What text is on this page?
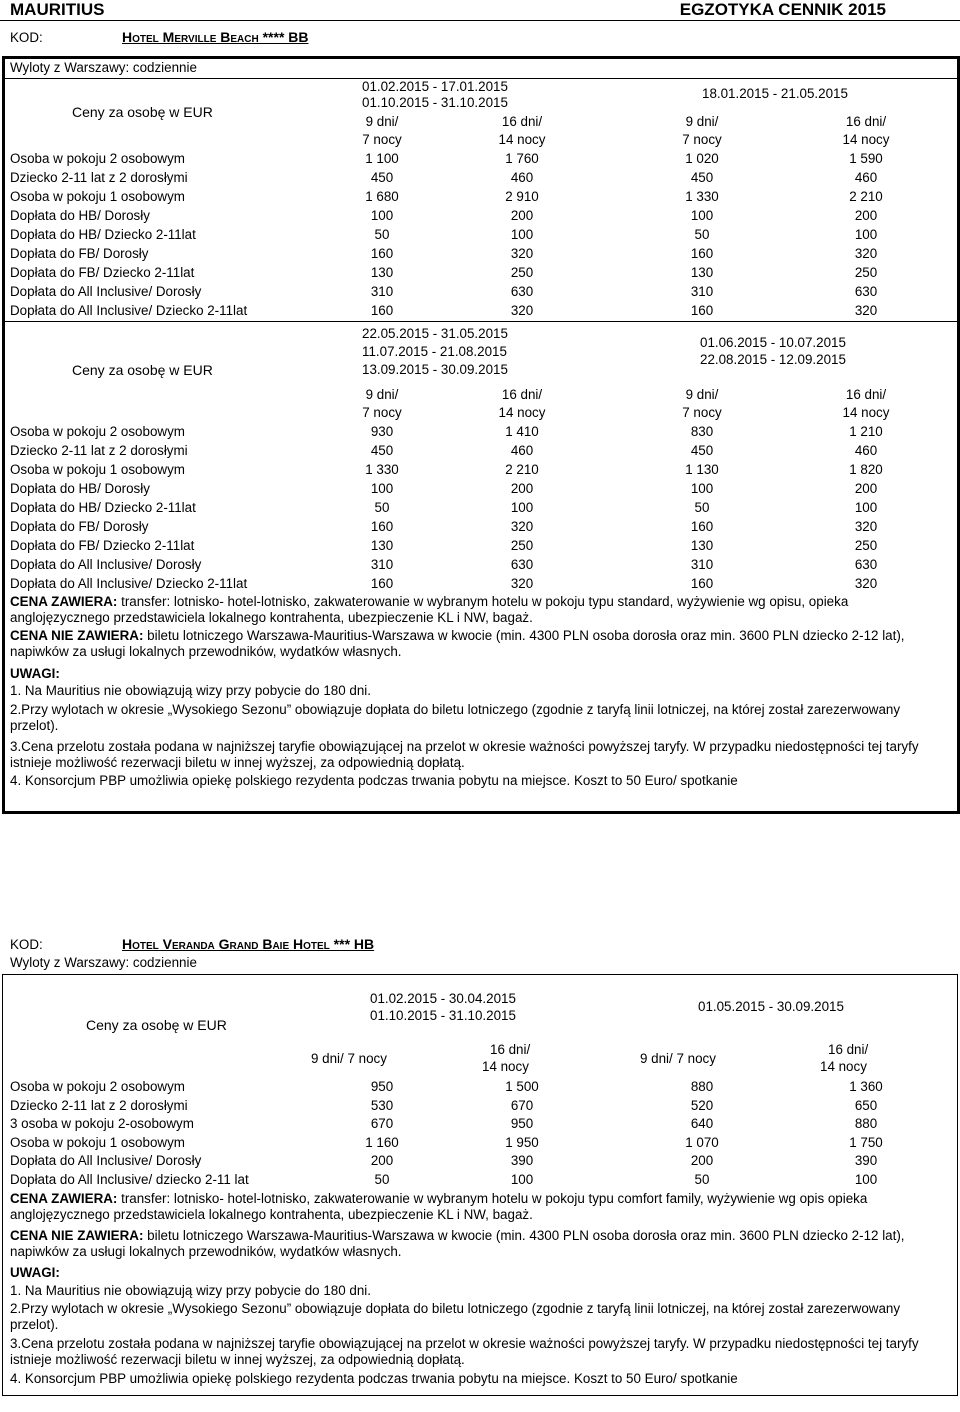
MAURITIUS	EGZOTYKA CENNIK 2015
KOD:	Hotel Merville Beach **** BB
Wyloty z Warszawy: codziennie
Ceny za osobę w EUR
01.02.2015 - 17.01.2015
01.10.2015 - 31.10.2015
18.01.2015 - 21.05.2015
9 dni/
7 nocy
16 dni/
14 nocy
9 dni/
7 nocy
16 dni/
14 nocy
Osoba w pokoju 2 osobowym	1 100	1 760	1 020	1 590
Dziecko 2-11 lat z 2 dorosłymi	450	460	450	460
Osoba w pokoju 1 osobowym	1 680	2 910	1 330	2 210
Dopłata do HB/ Dorosły	100	200	100	200
Dopłata do HB/ Dziecko 2-11lat	50	100	50	100
Dopłata do FB/ Dorosły	160	320	160	320
Dopłata do FB/ Dziecko 2-11lat	130	250	130	250
Dopłata do All Inclusive/ Dorosły	310	630	310	630
Dopłata do All Inclusive/ Dziecko 2-11lat	160	320	160	320
Ceny za osobę w EUR
22.05.2015 - 31.05.2015
11.07.2015 - 21.08.2015
13.09.2015 - 30.09.2015
01.06.2015 - 10.07.2015
22.08.2015 - 12.09.2015
9 dni/
7 nocy
16 dni/
14 nocy
9 dni/
7 nocy
16 dni/
14 nocy
Osoba w pokoju 2 osobowym	930	1 410	830	1 210
Dziecko 2-11 lat z 2 dorosłymi	450	460	450	460
Osoba w pokoju 1 osobowym	1 330	2 210	1 130	1 820
Dopłata do HB/ Dorosły	100	200	100	200
Dopłata do HB/ Dziecko 2-11lat	50	100	50	100
Dopłata do FB/ Dorosły	160	320	160	320
Dopłata do FB/ Dziecko 2-11lat	130	250	130	250
Dopłata do All Inclusive/ Dorosły	310	630	310	630
Dopłata do All Inclusive/ Dziecko 2-11lat	160	320	160	320
CENA ZAWIERA: transfer: lotnisko- hotel-lotnisko, zakwaterowanie w wybranym hotelu w pokoju typu standard, wyżywienie wg opisu, opieka anglojęzycznego przedstawiciela lokalnego kontrahenta, ubezpieczenie KL i NW, bagaż.
CENA NIE ZAWIERA: biletu lotniczego Warszawa-Mauritius-Warszawa w kwocie (min. 4300 PLN osoba dorosła oraz min. 3600 PLN dziecko 2-12 lat), napiwków za usługi lokalnych przewodników, wydatków własnych.
UWAGI:
1. Na Mauritius nie obowiązują wizy przy pobycie do 180 dni.
2.Przy wylotach w okresie „Wysokiego Sezonu” obowiązuje dopłata do biletu lotniczego (zgodnie z taryfą linii lotniczej, na której został zarezerwowany przelot).
3.Cena przelotu została podana w najniższej taryfie obowiązującej na przelot w okresie ważności powyższej taryfy. W przypadku niedostępności tej taryfy istnieje możliwość rezerwacji biletu w innej wyższej, za odpowiednią dopłatą.
4. Konsorcjum PBP umożliwia opiekę polskiego rezydenta podczas trwania pobytu na miejsce. Koszt to 50 Euro/ spotkanie
KOD:	Hotel Veranda Grand Baie Hotel *** HB
Wyloty z Warszawy: codziennie
Ceny za osobę w EUR
01.02.2015 - 30.04.2015
01.10.2015 - 31.10.2015
01.05.2015 - 30.09.2015
9 dni/ 7 nocy
16 dni/
14 nocy
9 dni/ 7 nocy
16 dni/
14 nocy
Osoba w pokoju 2 osobowym	950	1 500	880	1 360
Dziecko 2-11 lat z 2 dorosłymi	530	670	520	650
3 osoba w pokoju 2-osobowym	670	950	640	880
Osoba w pokoju 1 osobowym	1 160	1 950	1 070	1 750
Dopłata do All Inclusive/ Dorosły	200	390	200	390
Dopłata do All Inclusive/ dziecko 2-11 lat	50	100	50	100
CENA ZAWIERA: transfer: lotnisko- hotel-lotnisko, zakwaterowanie w wybranym hotelu w pokoju typu comfort family, wyżywienie wg opis opieka anglojęzycznego przedstawiciela lokalnego kontrahenta, ubezpieczenie KL i NW, bagaż.
CENA NIE ZAWIERA: biletu lotniczego Warszawa-Mauritius-Warszawa w kwocie (min. 4300 PLN osoba dorosła oraz min. 3600 PLN dziecko 2-12 lat), napiwków za usługi lokalnych przewodników, wydatków własnych.
UWAGI:
1. Na Mauritius nie obowiązują wizy przy pobycie do 180 dni.
2.Przy wylotach w okresie „Wysokiego Sezonu” obowiązuje dopłata do biletu lotniczego (zgodnie z taryfą linii lotniczej, na której został zarezerwowany przelot).
3.Cena przelotu została podana w najniższej taryfie obowiązującej na przelot w okresie ważności powyższej taryfy. W przypadku niedostępności tej taryfy istnieje możliwość rezerwacji biletu w innej wyższej, za odpowiednią dopłatą.
4. Konsorcjum PBP umożliwia opiekę polskiego rezydenta podczas trwania pobytu na miejsce. Koszt to 50 Euro/ spotkanie
